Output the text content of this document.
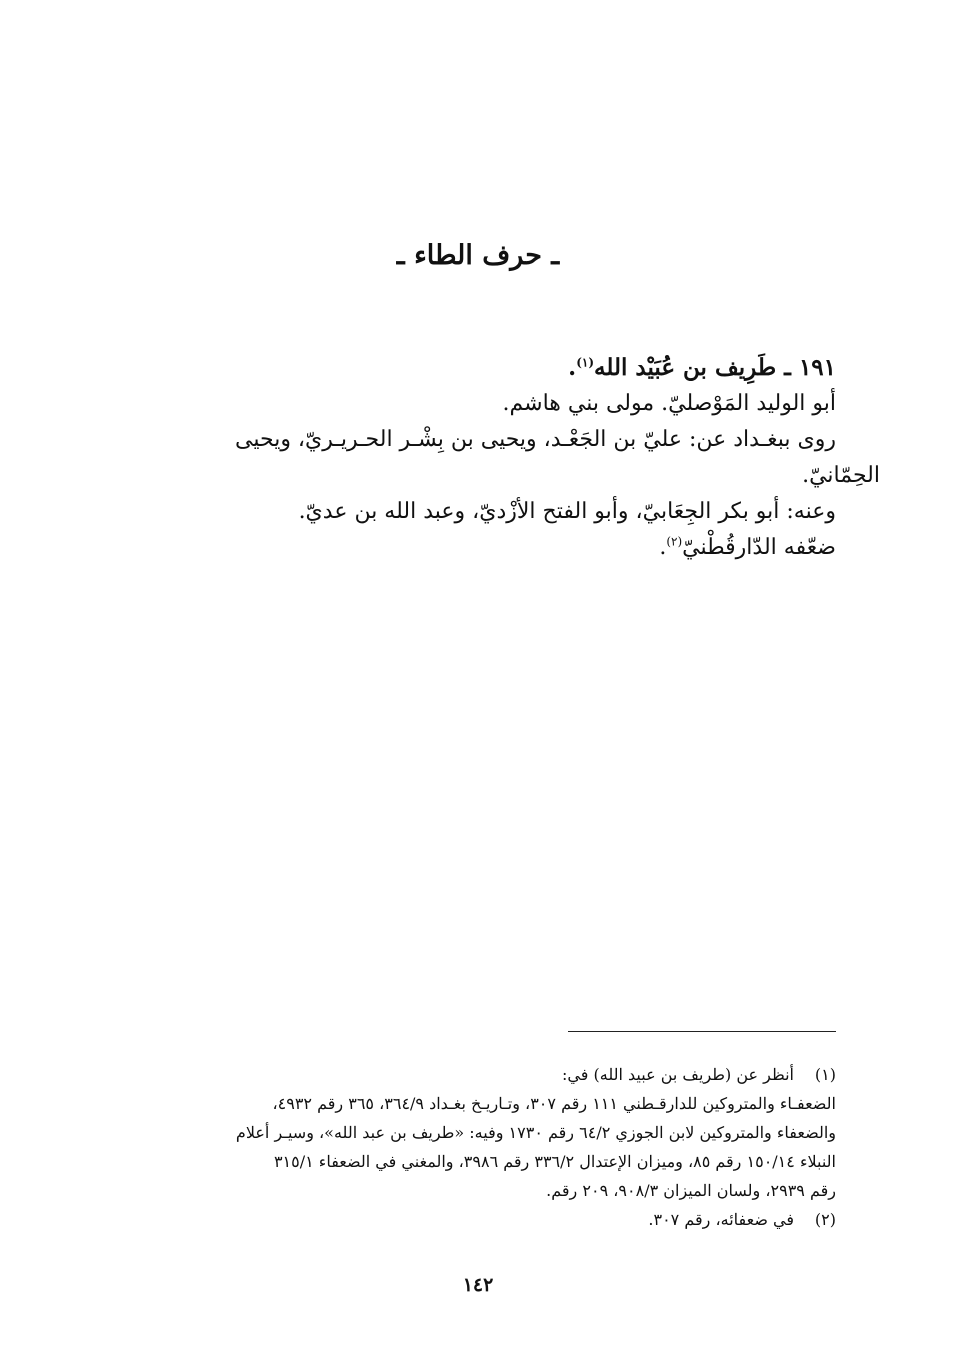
ـ حرف الطاء ـ
١٩١ ـ طَرِيف بن عُبَيْد الله$^{(١)}$.
أبو الوليد المَوْصليّ. مولى بني هاشم.
روى ببغـداد عن: عليّ بن الجَعْـد، ويحيى بن بِشْـر الحـريـريّ، ويحيى
الحِمّانيّ.
وعنه: أبو بكر الجِعَابيّ، وأبو الفتح الأزْديّ، وعبد الله بن عديّ.
ضعّفه الدّارقُطْنيّ$^{(٢)}$.
(١)أنظر عن (طريف بن عبيد الله) في:
الضعفـاء والمتروكين للدارقـطني ١١١ رقم ٣٠٧، وتـاريـخ بغـداد ٣٦٤/٩، ٣٦٥ رقم ٤٩٣٢،
والضعفاء والمتروكين لابن الجوزي ٦٤/٢ رقم ١٧٣٠ وفيه: «طريف بن عبد الله»، وسيـر أعلام
النبلاء ١٥٠/١٤ رقم ٨٥، وميزان الإعتدال ٣٣٦/٢ رقم ٣٩٨٦، والمغني في الضعفاء ٣١٥/١
رقم ٢٩٣٩، ولسان الميزان ٩٠٨/٣، ٢٠٩ رقم.
(٢)في ضعفائه، رقم ٣٠٧.
١٤٢
